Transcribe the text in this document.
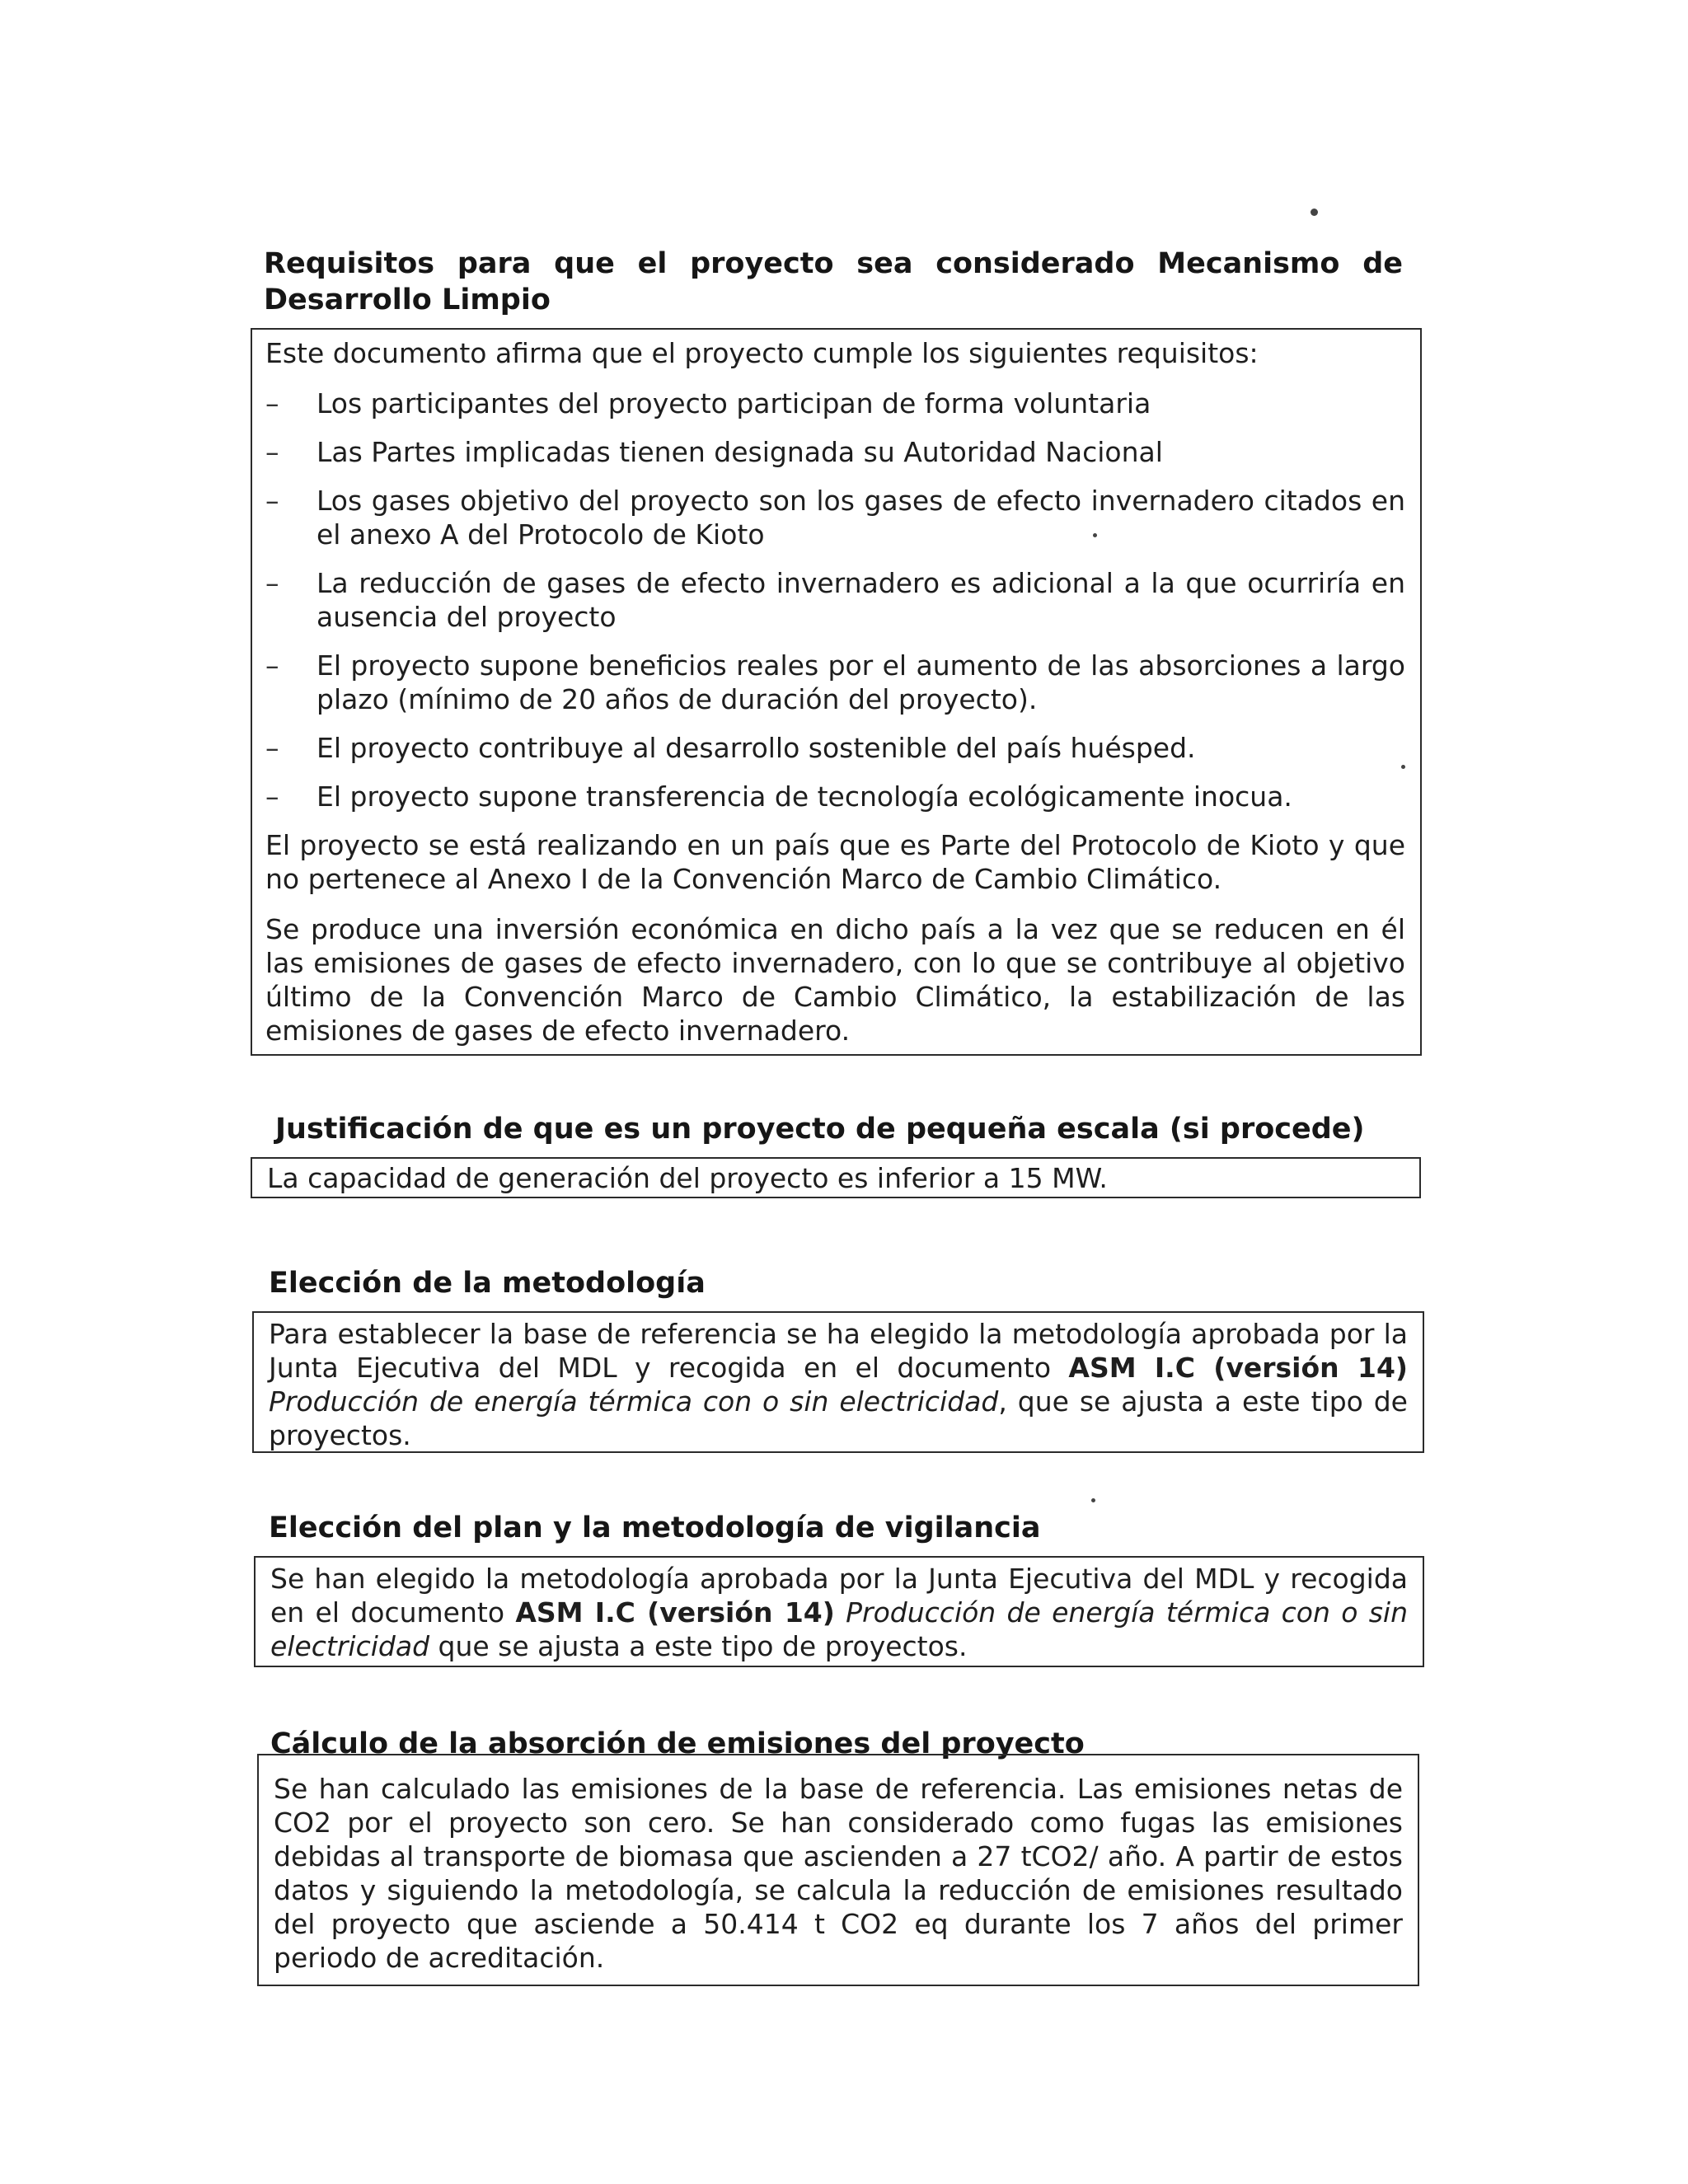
Requisitos para que el proyecto sea considerado Mecanismo de Desarrollo Limpio

Este documento afirma que el proyecto cumple los siguientes requisitos:

–	Los participantes del proyecto participan de forma voluntaria
–	Las Partes implicadas tienen designada su Autoridad Nacional
–	Los gases objetivo del proyecto son los gases de efecto invernadero citados en el anexo A del Protocolo de Kioto
–	La reducción de gases de efecto invernadero es adicional a la que ocurriría en ausencia del proyecto
–	El proyecto supone beneficios reales por el aumento de las absorciones a largo plazo (mínimo de 20 años de duración del proyecto).
–	El proyecto contribuye al desarrollo sostenible del país huésped.
–	El proyecto supone transferencia de tecnología ecológicamente inocua.

El proyecto se está realizando en un país que es Parte del Protocolo de Kioto y que no pertenece al Anexo I de la Convención Marco de Cambio Climático.

Se produce una inversión económica en dicho país a la vez que se reducen en él las emisiones de gases de efecto invernadero, con lo que se contribuye al objetivo último de la Convención Marco de Cambio Climático, la estabilización de las emisiones de gases de efecto invernadero.

Justificación de que es un proyecto de pequeña escala (si procede)

La capacidad de generación del proyecto es inferior a 15 MW.

Elección de la metodología

Para establecer la base de referencia se ha elegido la metodología aprobada por la Junta Ejecutiva del MDL y recogida en el documento ASM I.C (versión 14) Producción de energía térmica con o sin electricidad, que se ajusta a este tipo de proyectos.

Elección del plan y la metodología de vigilancia

Se han elegido la metodología aprobada por la Junta Ejecutiva del MDL y recogida en el documento ASM I.C (versión 14) Producción de energía térmica con o sin electricidad que se ajusta a este tipo de proyectos.

Cálculo de la absorción de emisiones del proyecto

Se han calculado las emisiones de la base de referencia. Las emisiones netas de CO2 por el proyecto son cero. Se han considerado como fugas las emisiones debidas al transporte de biomasa que ascienden a 27 tCO2/ año. A partir de estos datos y siguiendo la metodología, se calcula la reducción de emisiones resultado del proyecto que asciende a 50.414 t CO2 eq durante los 7 años del primer periodo de acreditación.
